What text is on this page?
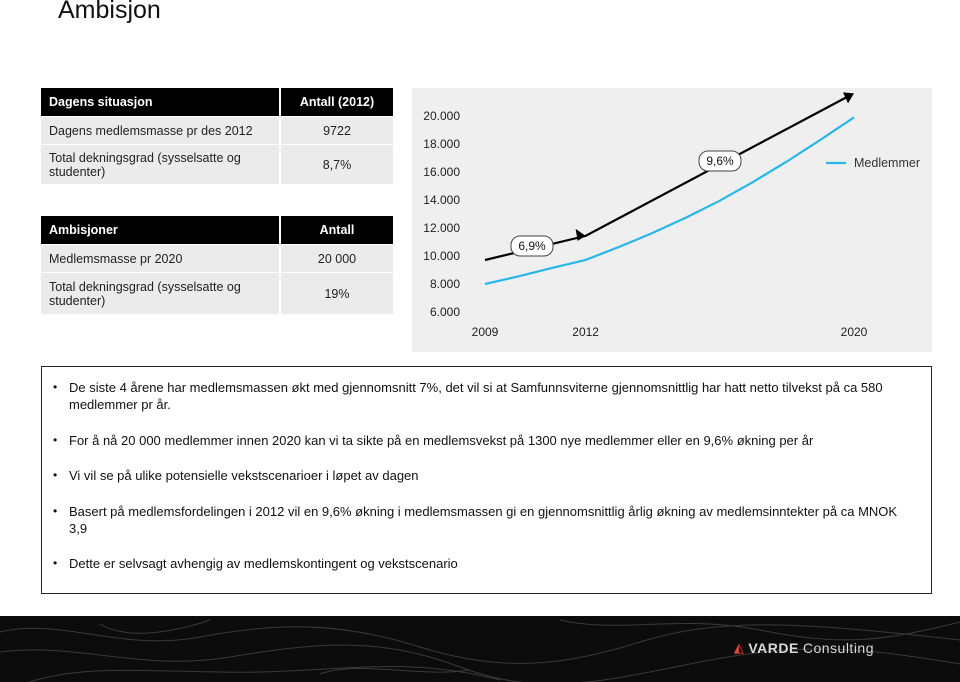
Ambisjon
Dagens situasjon	Antall (2012)
Dagens medlemsmasse pr des 2012	9722
Total dekningsgrad (sysselsatte og studenter)	8,7%
Ambisjoner	Antall
Medlemsmasse pr 2020	20 000
Total dekningsgrad (sysselsatte og studenter)	19%
20.000
18.000
16.000
14.000
12.000
10.000
8.000
6.000
2009	2012	2020
6,9%
9,6%	Medlemmer
• De siste 4 årene har medlemsmassen økt med gjennomsnitt 7%, det vil si at Samfunnsviterne gjennomsnittlig har hatt netto tilvekst på ca 580 medlemmer pr år.
• For å nå 20 000 medlemmer innen 2020 kan vi ta sikte på en medlemsvekst på 1300 nye medlemmer eller en 9,6% økning per år
• Vi vil se på ulike potensielle vekstscenarioer i løpet av dagen
• Basert på medlemsfordelingen i 2012 vil en 9,6% økning i medlemsmassen gi en gjennomsnittlig årlig økning av medlemsinntekter på ca MNOK 3,9
• Dette er selvsagt avhengig av medlemskontingent og vekstscenario
◭ VARDE Consulting
